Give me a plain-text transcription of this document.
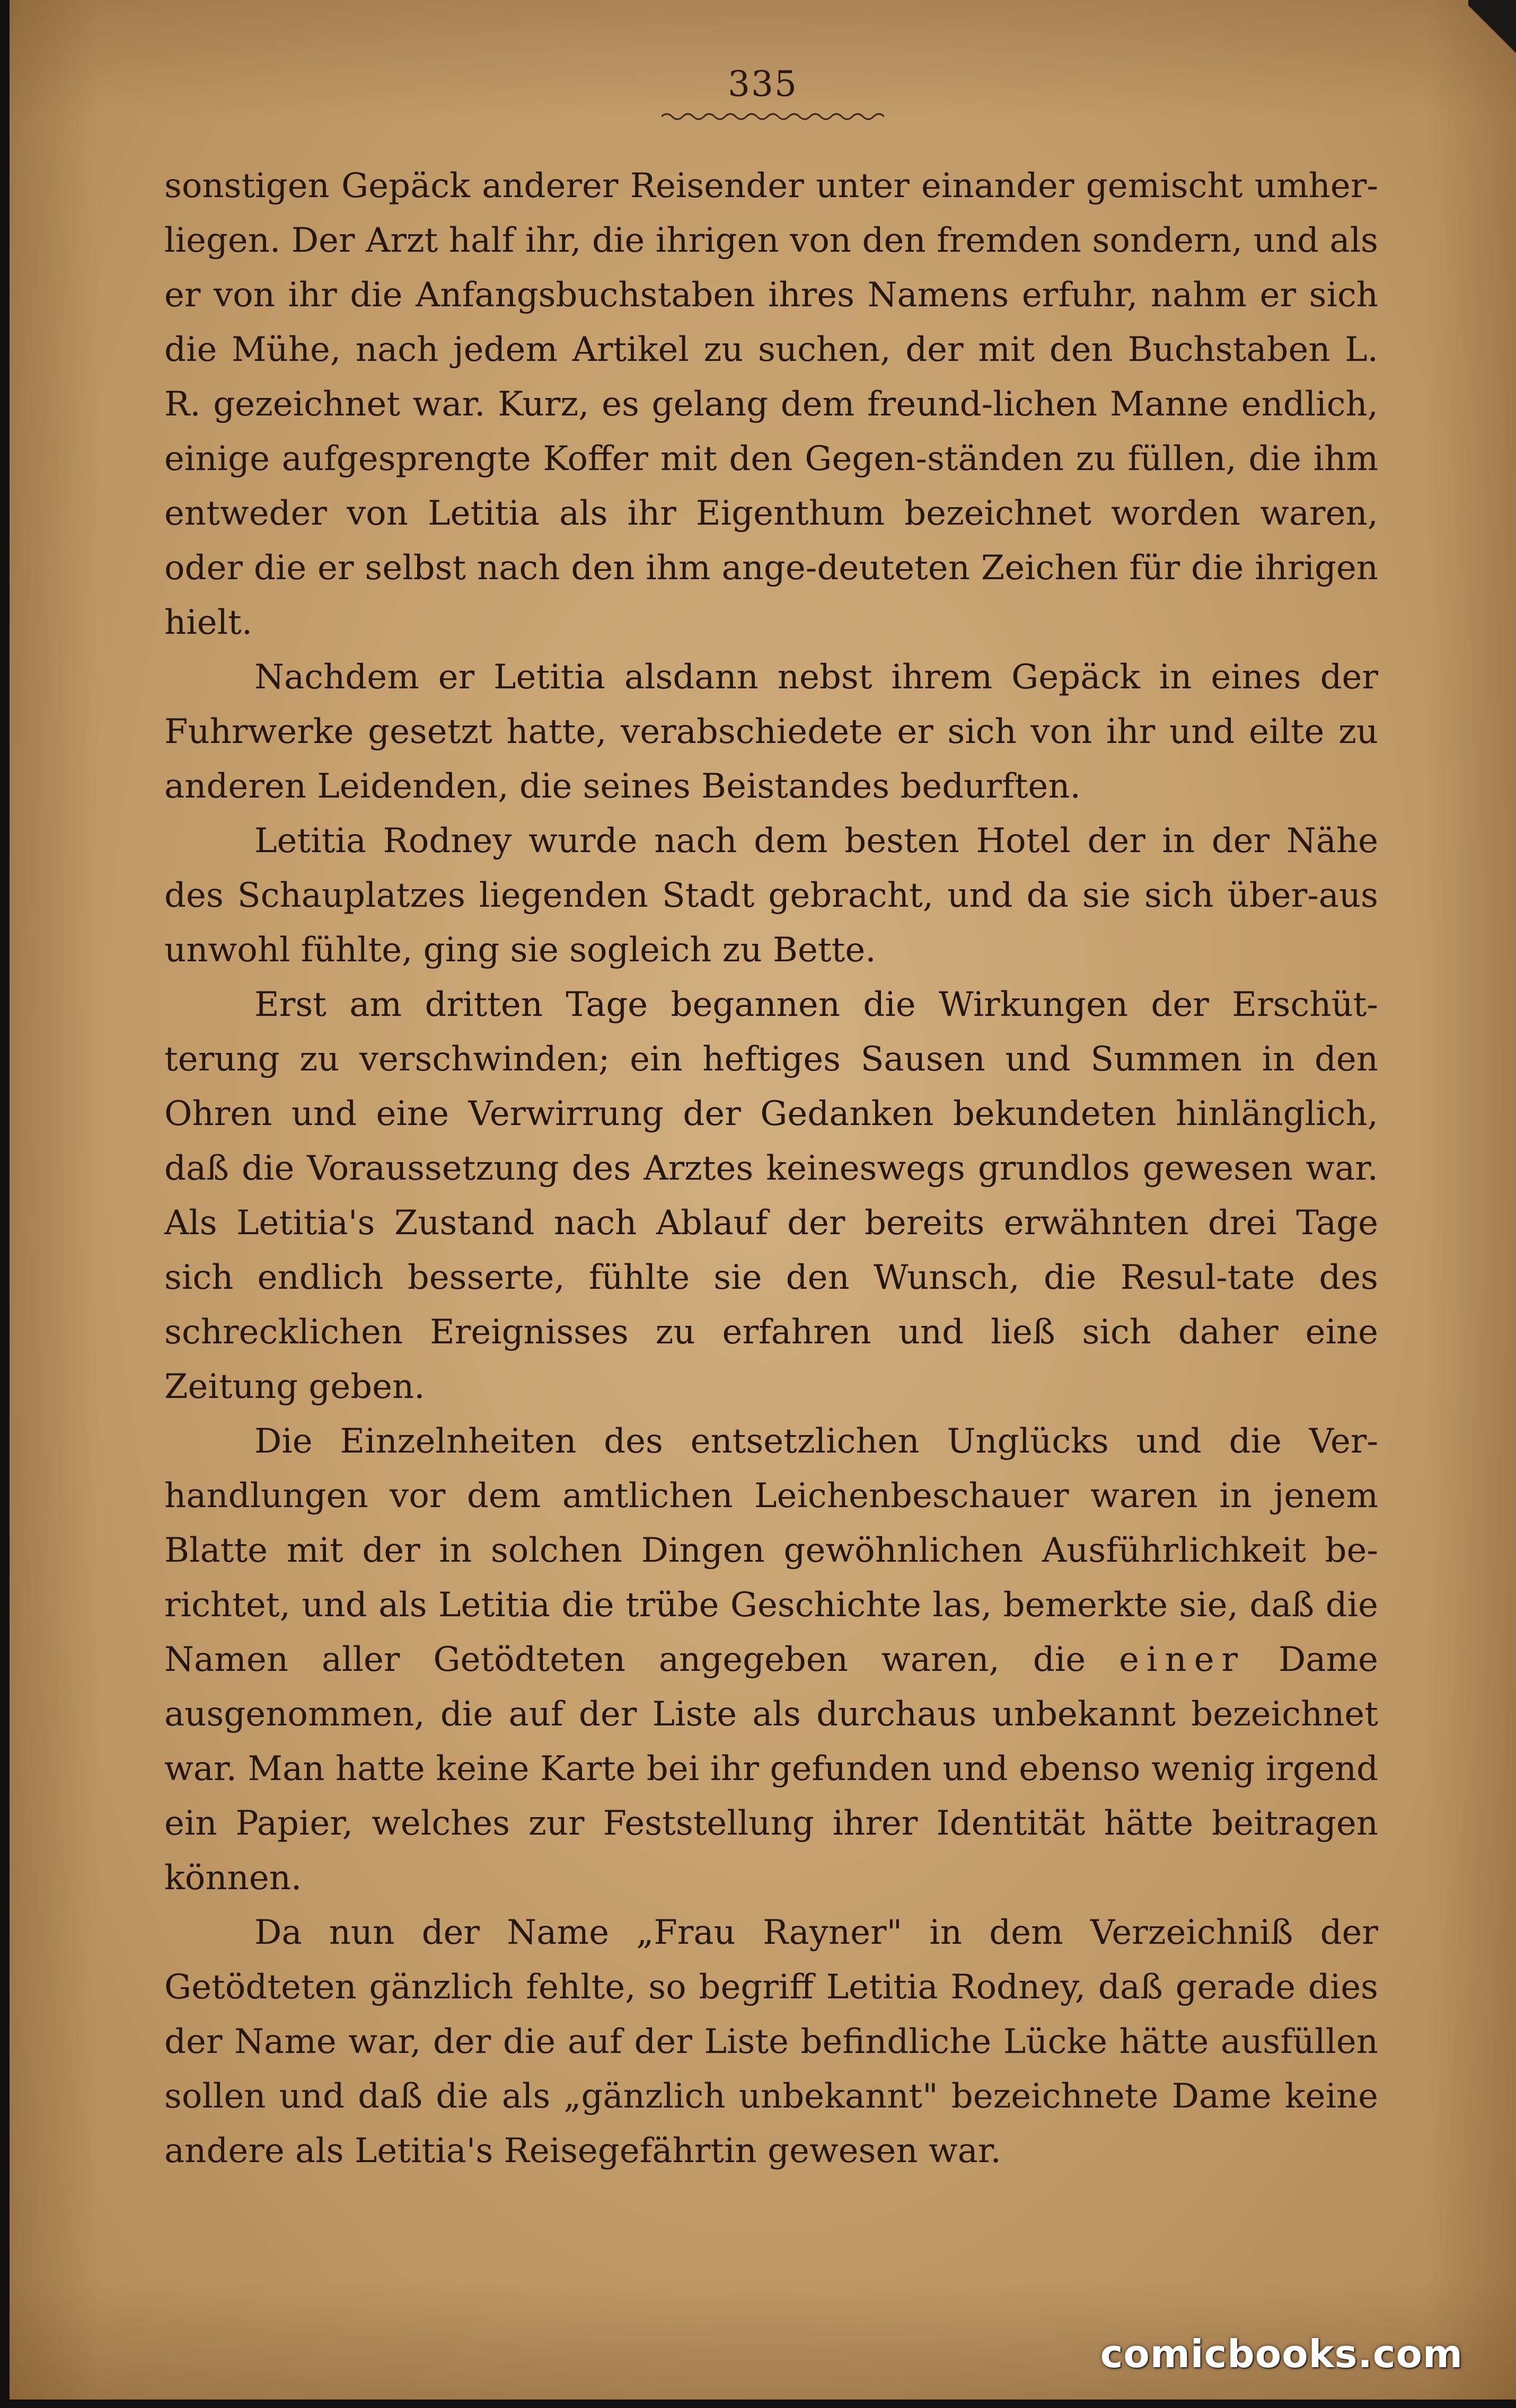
335

sonstigen Gepäck anderer Reisender unter einander gemischt umher-liegen. Der Arzt half ihr, die ihrigen von den fremden sondern, und als er von ihr die Anfangsbuchstaben ihres Namens erfuhr, nahm er sich die Mühe, nach jedem Artikel zu suchen, der mit den Buchstaben L. R. gezeichnet war. Kurz, es gelang dem freund-lichen Manne endlich, einige aufgesprengte Koffer mit den Gegen-ständen zu füllen, die ihm entweder von Letitia als ihr Eigenthum bezeichnet worden waren, oder die er selbst nach den ihm ange-deuteten Zeichen für die ihrigen hielt.

Nachdem er Letitia alsdann nebst ihrem Gepäck in eines der Fuhrwerke gesetzt hatte, verabschiedete er sich von ihr und eilte zu anderen Leidenden, die seines Beistandes bedurften.

Letitia Rodney wurde nach dem besten Hotel der in der Nähe des Schauplatzes liegenden Stadt gebracht, und da sie sich über-aus unwohl fühlte, ging sie sogleich zu Bette.

Erst am dritten Tage begannen die Wirkungen der Erschüt-terung zu verschwinden; ein heftiges Sausen und Summen in den Ohren und eine Verwirrung der Gedanken bekundeten hinlänglich, daß die Voraussetzung des Arztes keineswegs grundlos gewesen war. Als Letitia's Zustand nach Ablauf der bereits erwähnten drei Tage sich endlich besserte, fühlte sie den Wunsch, die Resul-tate des schrecklichen Ereignisses zu erfahren und ließ sich daher eine Zeitung geben.

Die Einzelnheiten des entsetzlichen Unglücks und die Ver-handlungen vor dem amtlichen Leichenbeschauer waren in jenem Blatte mit der in solchen Dingen gewöhnlichen Ausführlichkeit be-richtet, und als Letitia die trübe Geschichte las, bemerkte sie, daß die Namen aller Getödteten angegeben waren, die einer Dame ausgenommen, die auf der Liste als durchaus unbekannt bezeichnet war. Man hatte keine Karte bei ihr gefunden und ebenso wenig irgend ein Papier, welches zur Feststellung ihrer Identität hätte beitragen können.

Da nun der Name „Frau Rayner" in dem Verzeichniß der Getödteten gänzlich fehlte, so begriff Letitia Rodney, daß gerade dies der Name war, der die auf der Liste befindliche Lücke hätte ausfüllen sollen und daß die als „gänzlich unbekannt" bezeichnete Dame keine andere als Letitia's Reisegefährtin gewesen war.

comicbooks.com
